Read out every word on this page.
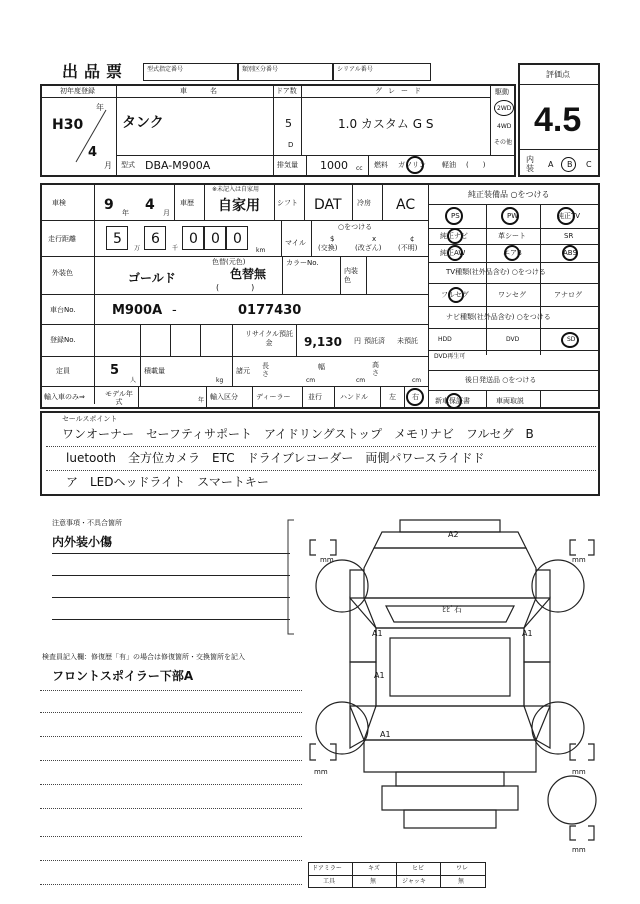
出品票	型式指定番号	類別区分番号	シリアル番号
評価点
4.5
内装 A B C
初年度登録	車　名	ドア数	グレード
H30
年
4
月
タンク	5
D
1.0 カスタム G S
駆動
2WD
4WD
その他
型式 DBA-M900A	排気量 1000 cc 燃料 ガソリン 軽油 (　　)
車検	9 年 4 月
車歴
※未記入は自家用
自家用 シフト DAT 冷房 AC
走行距離	5
万
6
千
0 0 0
km
マイル
○をつける
$
(交換)
x
(改ざん)
¢
(不明)
外装色	ゴールド
色替(元色)
色替無
(　　　　)
カラーNo.
内装色
車台No.	M900A -	0177430
登録No.
リサイクル預託金	9,130 円 預託済 未預託
定員	5
人
積載量
kg
諸元
長さ
cm
幅
cm
高さ
cm
輸入車のみ⇒	モデル年式	年 輸入区分	ディーラー	並行	ハンドル	左 右
純正装備品 ○をつける
PS	PW	純正TV
純正ナビ	革シート	SR
純正AW	エアB	ABS
TV種類(社外品含む) ○をつける
フルセグ	ワンセグ	アナログ
ナビ種類(社外品含む) ○をつける
HDD	DVD	SD
DVD再生可
後日発送品 ○をつける
新車保証書	車両取説
セールスポイント
ワンオーナー　セーフティサポート　アイドリングストップ　メモリナビ　フルセグ　B
luetooth　全方位カメラ　ETC　ドライブレコーダー　両側パワースライドド
ア　LEDヘッドライト　スマートキー
注意事項・不具合箇所
内外装小傷
検査員記入欄：修復歴「有」の場合は修復箇所・交換箇所を記入
フロントスポイラー下部A
mm	mm
mm	mm
mm
A2
ﾋﾋﾞ石
A1	A1
A1
A1
ドアミラー	キズ	ヒビ	ワレ
工具	無	ジャッキ	無
